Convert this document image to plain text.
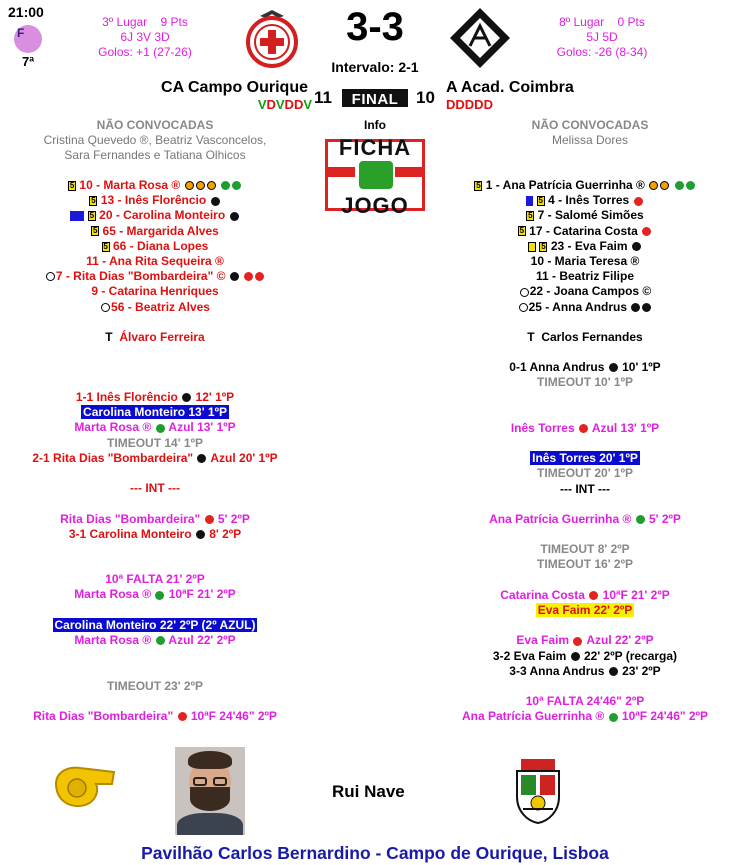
21:00
F
7ª
3º Lugar 9 Pts
6J 3V 3D
Golos: +1 (27-26)
3-3
Intervalo: 2-1
8º Lugar 0 Pts
5J 5D
Golos: -26 (8-34)
CA Campo Ourique	A Acad. Coimbra
VDVDDV	DDDDD
11	FINAL	10
NÃO CONVOCADAS
Cristina Quevedo ®, Beatriz Vasconcelos,
Sara Fernandes e Tatiana Olhicos
NÃO CONVOCADAS
Melissa Dores
Info
FICHA
JOGO
5 10 - Marta Rosa ®
5 13 - Inês Florêncio
5 20 - Carolina Monteiro
5 65 - Margarida Alves
5 66 - Diana Lopes
11 - Ana Rita Sequeira ®
7 - Rita Dias "Bombardeira" ©
9 - Catarina Henriques
56 - Beatriz Alves
5 1 - Ana Patrícia Guerrinha ®
5 4 - Inês Torres
5 7 - Salomé Simões
5 17 - Catarina Costa
5 23 - Eva Faim
10 - Maria Teresa ®
11 - Beatriz Filipe
22 - Joana Campos ©
25 - Anna Andrus
T Álvaro Ferreira	T Carlos Fernandes
1-1 Inês Florêncio 12' 1ºP
Carolina Monteiro 13' 1ºP
Marta Rosa ® Azul 13' 1ºP
TIMEOUT 14' 1ºP
2-1 Rita Dias "Bombardeira" Azul 20' 1ºP
--- INT ---
Rita Dias "Bombardeira" 5' 2ºP
3-1 Carolina Monteiro 8' 2ºP
10ª FALTA 21' 2ºP
Marta Rosa ® 10ªF 21' 2ºP
Carolina Monteiro 22' 2ºP (2º AZUL)
Marta Rosa ® Azul 22' 2ºP
TIMEOUT 23' 2ºP
Rita Dias "Bombardeira" 10ªF 24'46" 2ºP
0-1 Anna Andrus 10' 1ºP
TIMEOUT 10' 1ºP
Inês Torres Azul 13' 1ºP
Inês Torres 20' 1ºP
TIMEOUT 20' 1ºP
--- INT ---
Ana Patrícia Guerrinha ® 5' 2ºP
TIMEOUT 8' 2ºP
TIMEOUT 16' 2ºP
Catarina Costa 10ªF 21' 2ºP
Eva Faim 22' 2ºP
Eva Faim Azul 22' 2ºP
3-2 Eva Faim 22' 2ºP (recarga)
3-3 Anna Andrus 23' 2ºP
10ª FALTA 24'46" 2ºP
Ana Patrícia Guerrinha ® 10ªF 24'46" 2ºP
Rui Nave
Pavilhão Carlos Bernardino - Campo de Ourique, Lisboa
